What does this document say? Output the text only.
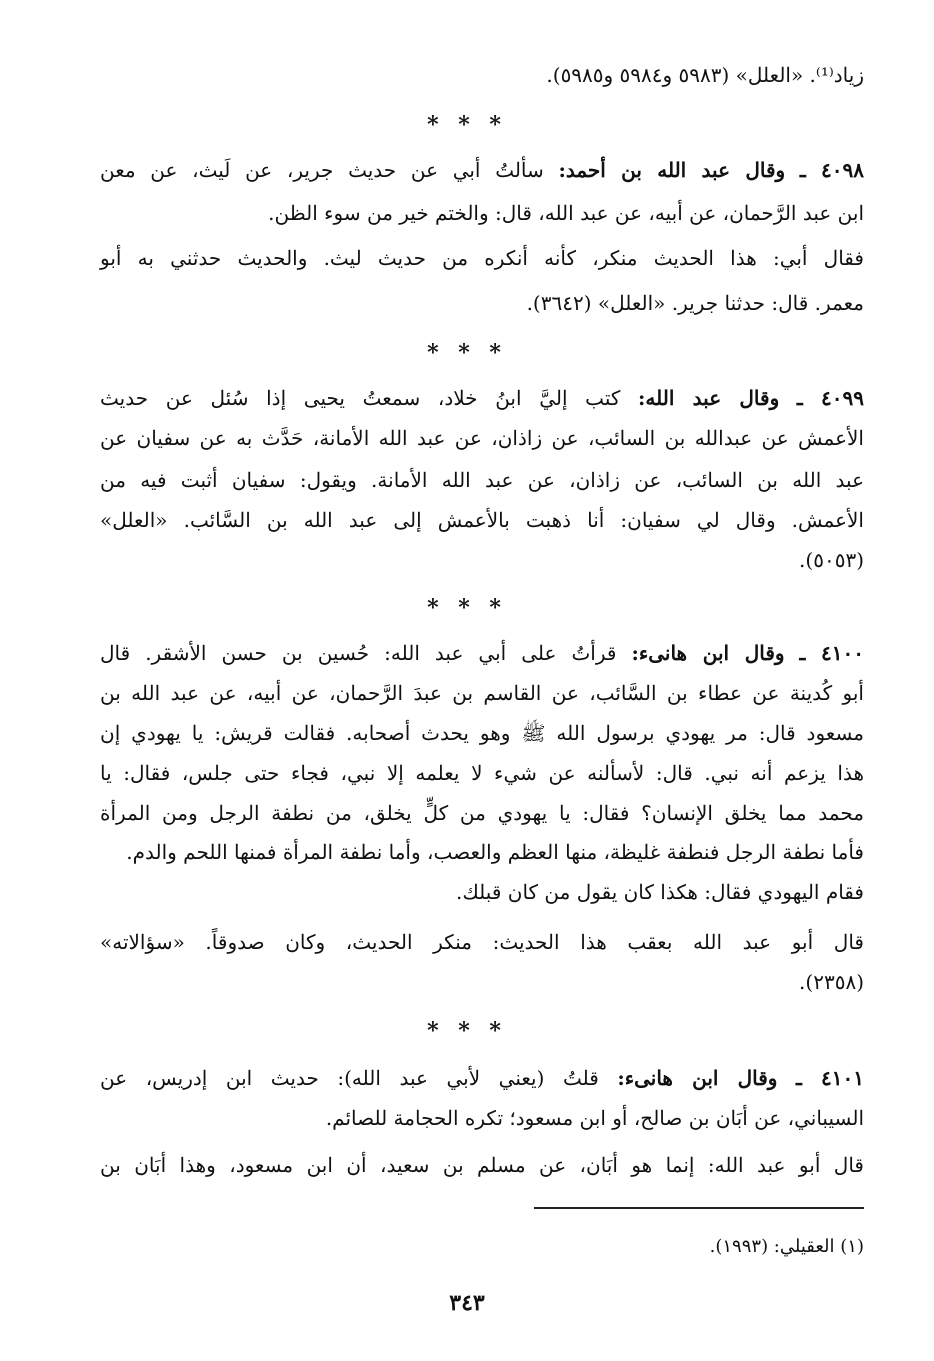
زياد⁽¹⁾. «العلل» (٥٩٨٣ و٥٩٨٤ و٥٩٨٥).
* * *
٤٠٩٨ ـ وقال عبد الله بن أحمد: سألتُ أبي عن حديث جرير، عن لَيث، عن معن
ابن عبد الرَّحمان، عن أبيه، عن عبد الله، قال: والختم خير من سوء الظن.
فقال أبي: هذا الحديث منكر، كأنه أنكره من حديث ليث. والحديث حدثني به أبو
معمر. قال: حدثنا جرير. «العلل» (٣٦٤٢).
* * *
٤٠٩٩ ـ وقال عبد الله: كتب إليَّ ابنُ خلاد، سمعتُ يحيى إذا سُئل عن حديث
الأعمش عن عبدالله بن السائب، عن زاذان، عن عبد الله الأمانة، حَدَّث به عن سفيان عن
عبد الله بن السائب، عن زاذان، عن عبد الله الأمانة. ويقول: سفيان أثبت فيه من
الأعمش. وقال لي سفيان: أنا ذهبت بالأعمش إلى عبد الله بن السَّائب. «العلل»
(٥٠٥٣).
* * *
٤١٠٠ ـ وقال ابن هانىء: قرأتُ على أبي عبد الله: حُسين بن حسن الأشقر. قال
أبو كُدينة عن عطاء بن السَّائب، عن القاسم بن عبدَ الرَّحمان، عن أبيه، عن عبد الله بن
مسعود قال: مر يهودي برسول الله ﷺ وهو يحدث أصحابه. فقالت قريش: يا يهودي إن
هذا يزعم أنه نبي. قال: لأسألنه عن شيء لا يعلمه إلا نبي، فجاء حتى جلس، فقال: يا
محمد مما يخلق الإنسان؟ فقال: يا يهودي من كلٍّ يخلق، من نطفة الرجل ومن المرأة
فأما نطفة الرجل فنطفة غليظة، منها العظم والعصب، وأما نطفة المرأة فمنها اللحم والدم.
فقام اليهودي فقال: هكذا كان يقول من كان قبلك.
قال أبو عبد الله بعقب هذا الحديث: منكر الحديث، وكان صدوقاً. «سؤالاته»
(٢٣٥٨).
* * *
٤١٠١ ـ وقال ابن هانىء: قلتُ (يعني لأبي عبد الله): حديث ابن إدريس، عن
السيباني، عن أبَان بن صالح، أو ابن مسعود؛ تكره الحجامة للصائم.
قال أبو عبد الله: إنما هو أبَان، عن مسلم بن سعيد، أن ابن مسعود، وهذا أبَان بن
(١) العقيلي: (١٩٩٣).
٣٤٣
